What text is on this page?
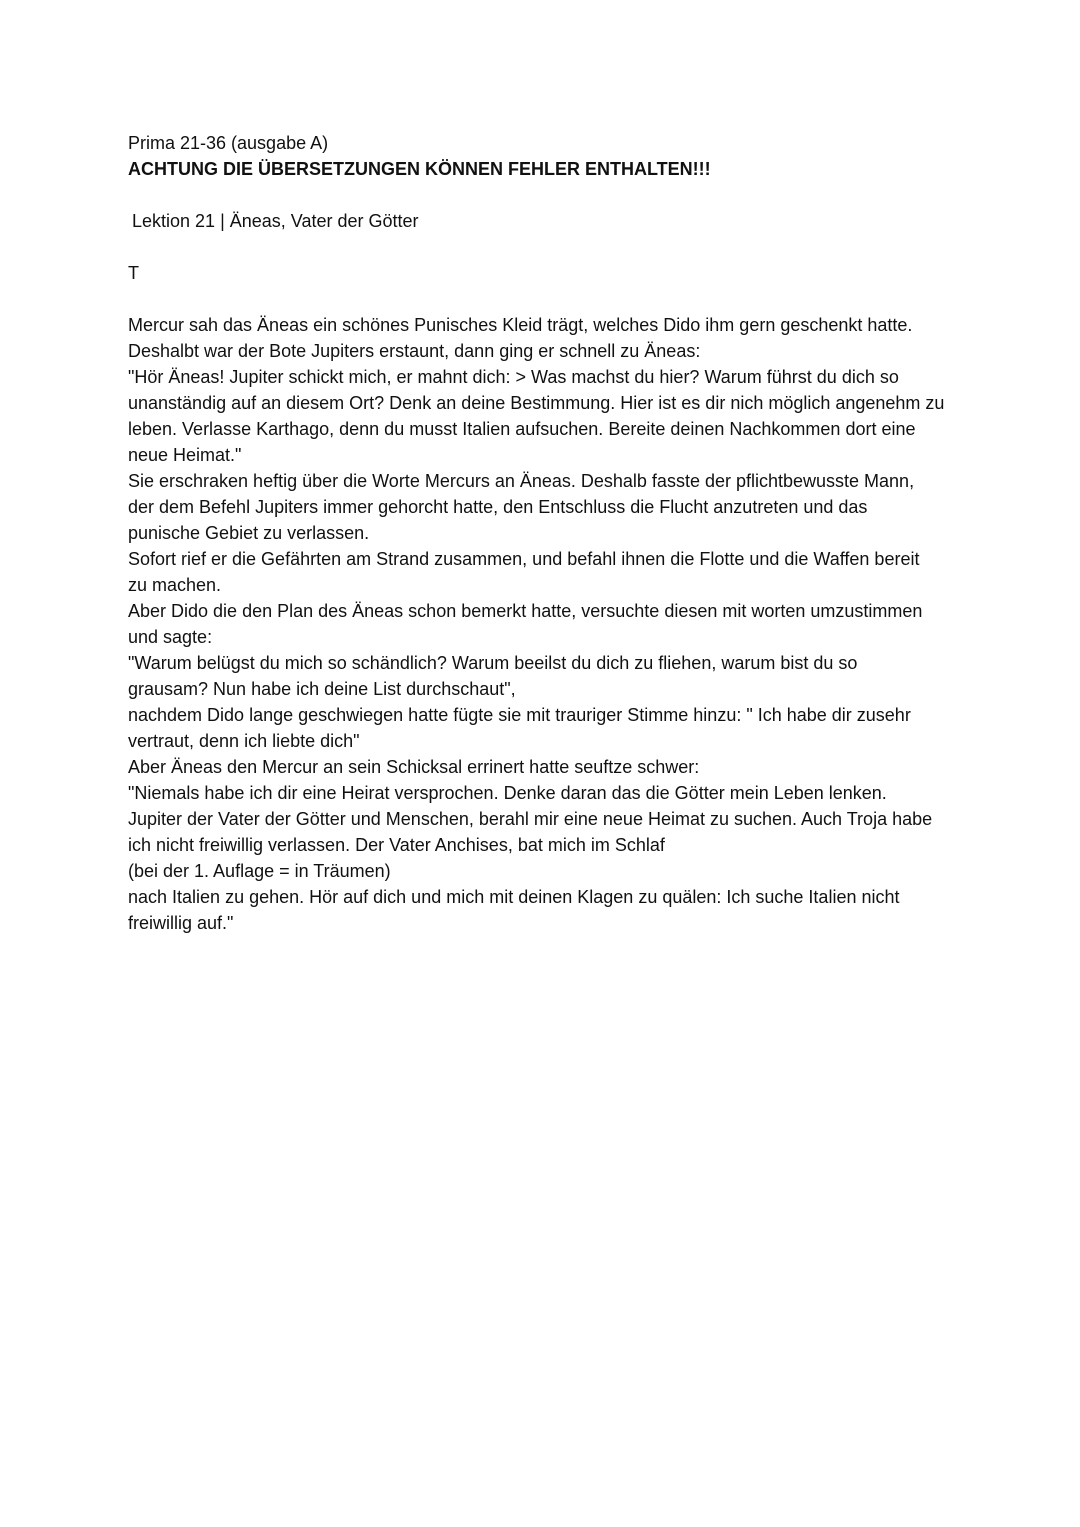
Prima 21-36 (ausgabe A)
ACHTUNG DIE ÜBERSETZUNGEN KÖNNEN FEHLER ENTHALTEN!!!
Lektion 21 | Äneas, Vater der Götter
T
Mercur sah das Äneas ein schönes Punisches Kleid trägt, welches Dido ihm gern geschenkt hatte.
Deshalbt war der Bote Jupiters erstaunt, dann ging er schnell zu Äneas:
"Hör Äneas! Jupiter schickt mich, er mahnt dich: > Was machst du hier? Warum führst du dich so
unanständig auf an diesem Ort? Denk an deine Bestimmung. Hier ist es dir nich möglich angenehm zu
leben. Verlasse Karthago, denn du musst Italien aufsuchen. Bereite deinen Nachkommen dort eine
neue Heimat."
Sie erschraken heftig über die Worte Mercurs an Äneas. Deshalb fasste der pflichtbewusste Mann,
der dem Befehl Jupiters immer gehorcht hatte, den Entschluss die Flucht anzutreten und das
punische Gebiet zu verlassen.
Sofort rief er die Gefährten am Strand zusammen, und befahl ihnen die Flotte und die Waffen bereit
zu machen.
Aber Dido die den Plan des Äneas schon bemerkt hatte, versuchte diesen mit worten umzustimmen
und sagte:
"Warum belügst du mich so schändlich? Warum beeilst du dich zu fliehen, warum bist du so
grausam? Nun habe ich deine List durchschaut",
nachdem Dido lange geschwiegen hatte fügte sie mit trauriger Stimme hinzu: " Ich habe dir zusehr
vertraut, denn ich liebte dich"
Aber Äneas den Mercur an sein Schicksal errinert hatte seuftze schwer:
"Niemals habe ich dir eine Heirat versprochen. Denke daran das die Götter mein Leben lenken.
Jupiter der Vater der Götter und Menschen, berahl mir eine neue Heimat zu suchen. Auch Troja habe
ich nicht freiwillig verlassen. Der Vater Anchises, bat mich im Schlaf
(bei der 1. Auflage = in Träumen)
nach Italien zu gehen. Hör auf dich und mich mit deinen Klagen zu quälen: Ich suche Italien nicht
freiwillig auf."
